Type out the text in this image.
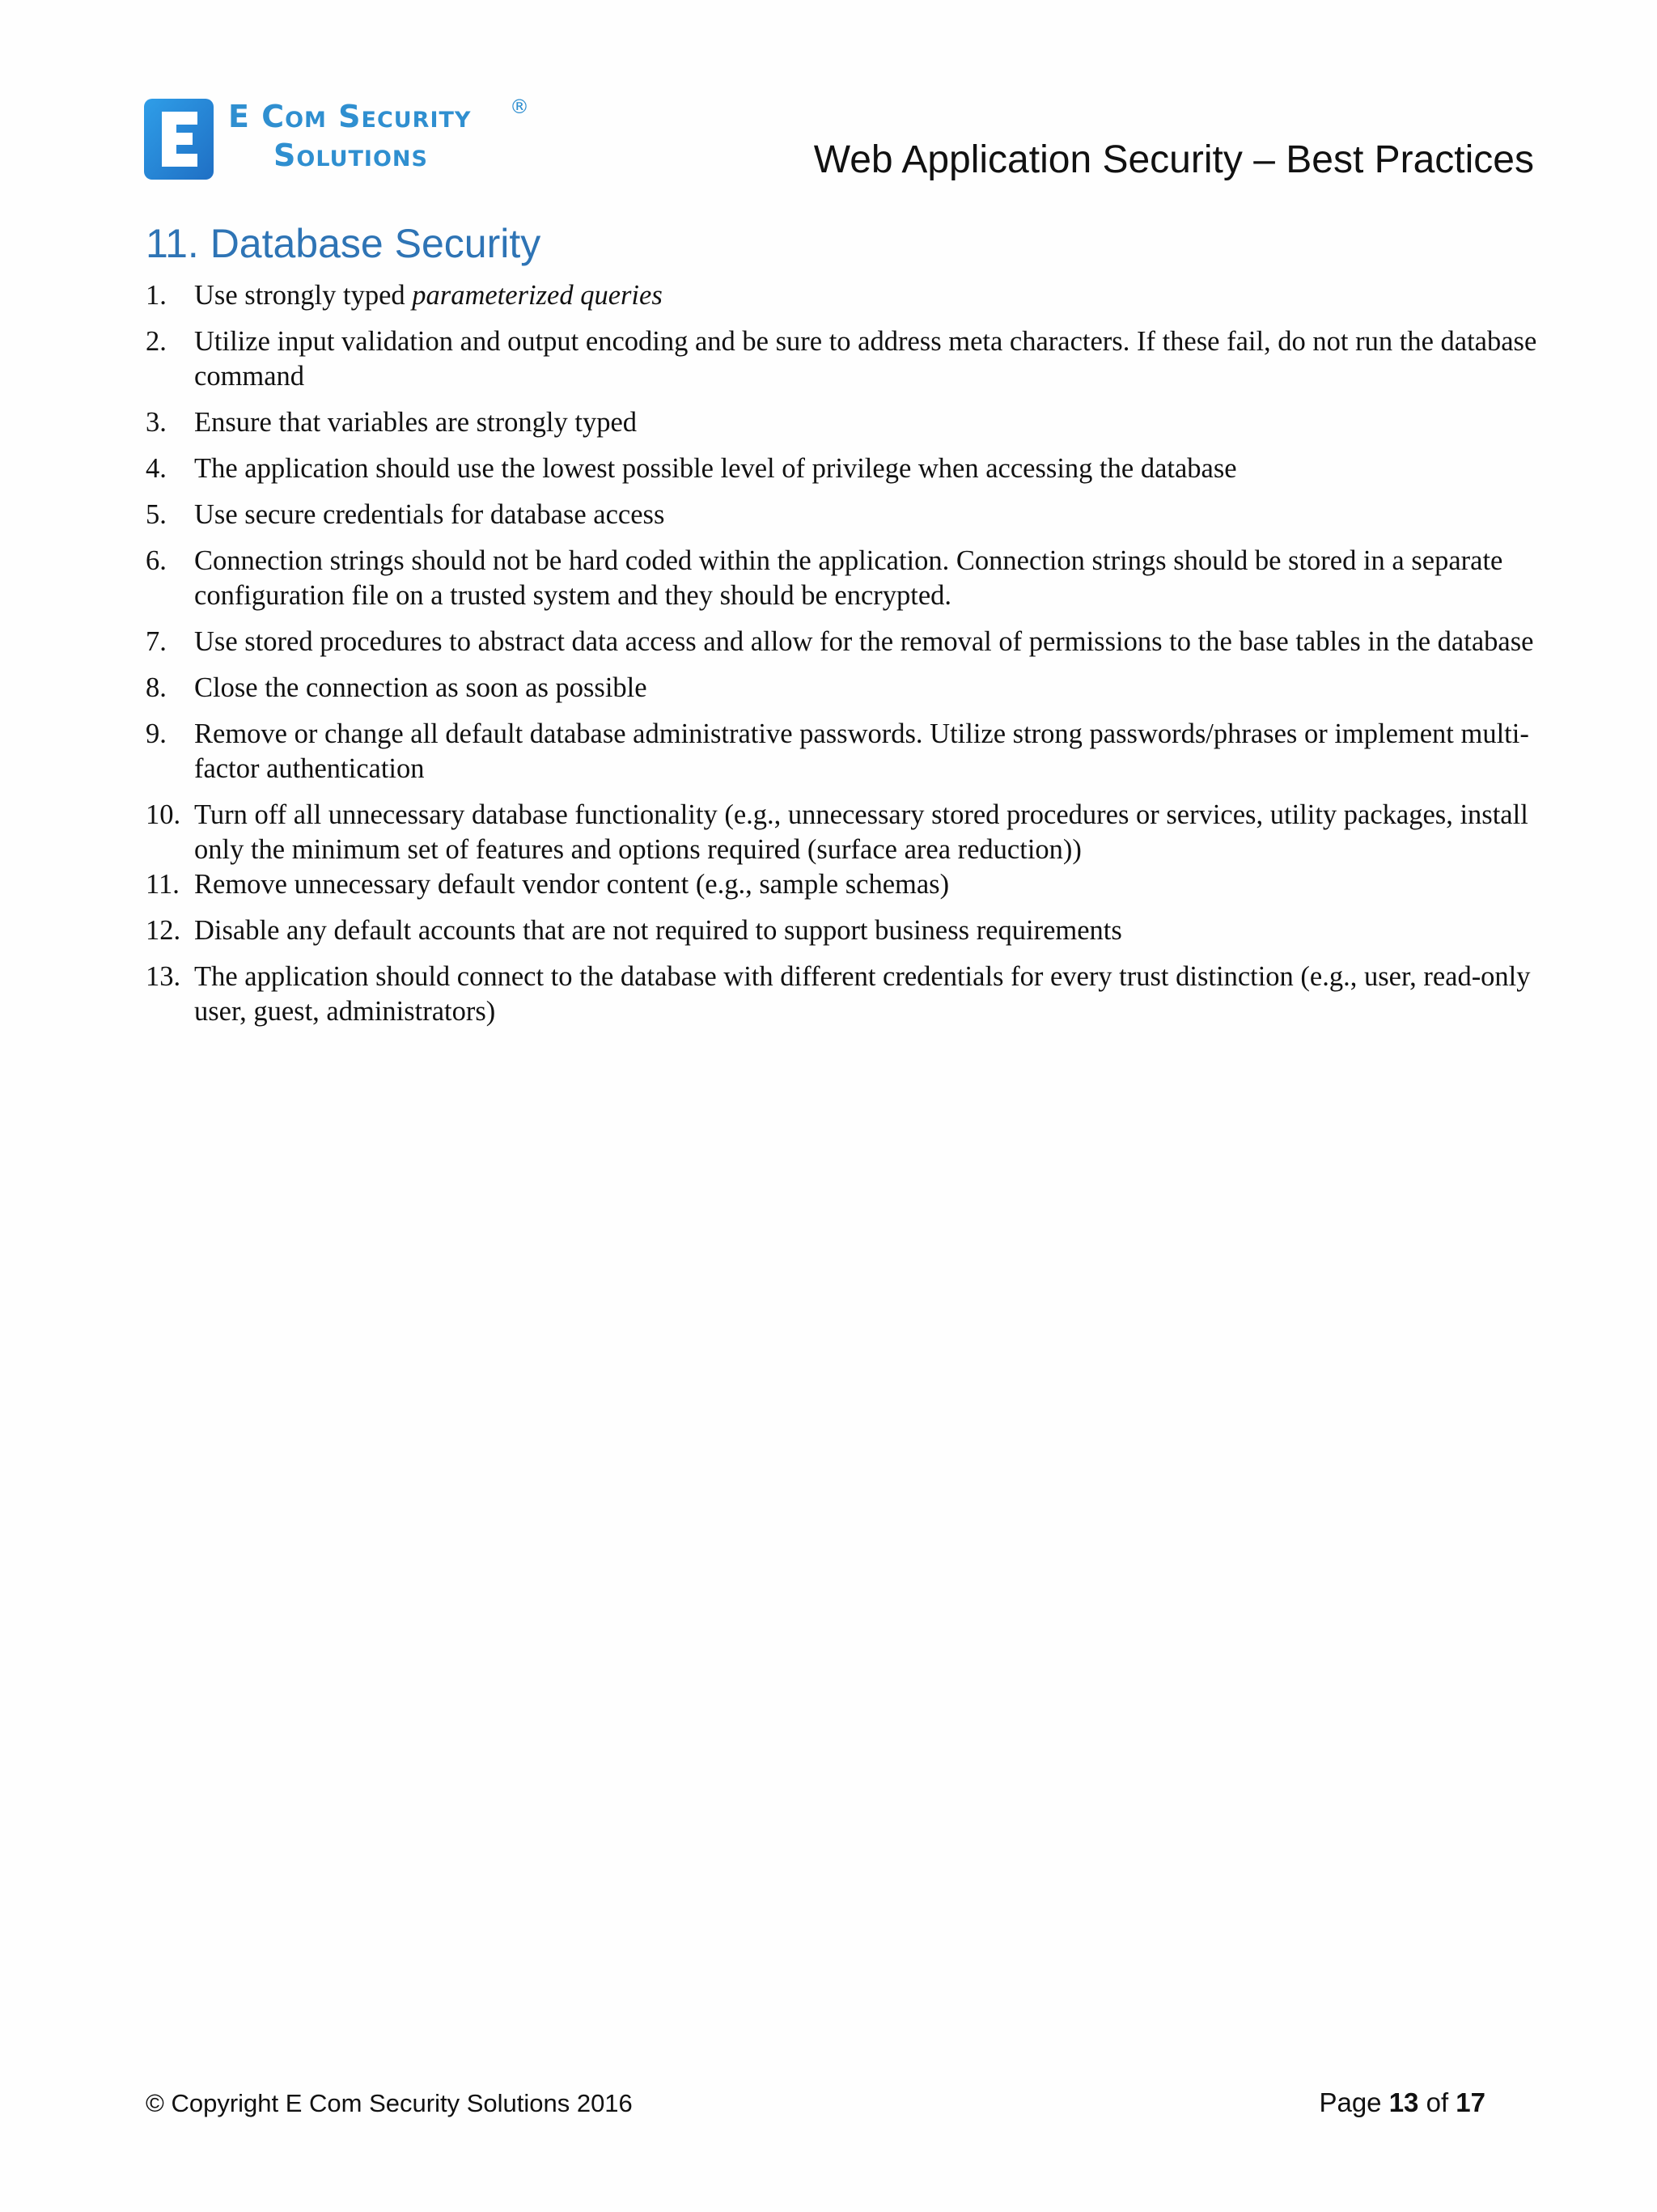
E Com Security
Solutions
®
Web Application Security – Best Practices
11. Database Security
1. Use strongly typed parameterized queries
2. Utilize input validation and output encoding and be sure to address meta characters. If these fail, do not run the database command
3. Ensure that variables are strongly typed
4. The application should use the lowest possible level of privilege when accessing the database
5. Use secure credentials for database access
6. Connection strings should not be hard coded within the application. Connection strings should be stored in a separate configuration file on a trusted system and they should be encrypted.
7. Use stored procedures to abstract data access and allow for the removal of permissions to the base tables in the database
8. Close the connection as soon as possible
9. Remove or change all default database administrative passwords. Utilize strong passwords/phrases or implement multi-factor authentication
10. Turn off all unnecessary database functionality (e.g., unnecessary stored procedures or services, utility packages, install only the minimum set of features and options required (surface area reduction))
11. Remove unnecessary default vendor content (e.g., sample schemas)
12. Disable any default accounts that are not required to support business requirements
13. The application should connect to the database with different credentials for every trust distinction (e.g., user, read-only user, guest, administrators)
© Copyright E Com Security Solutions 2016	Page 13 of 17
